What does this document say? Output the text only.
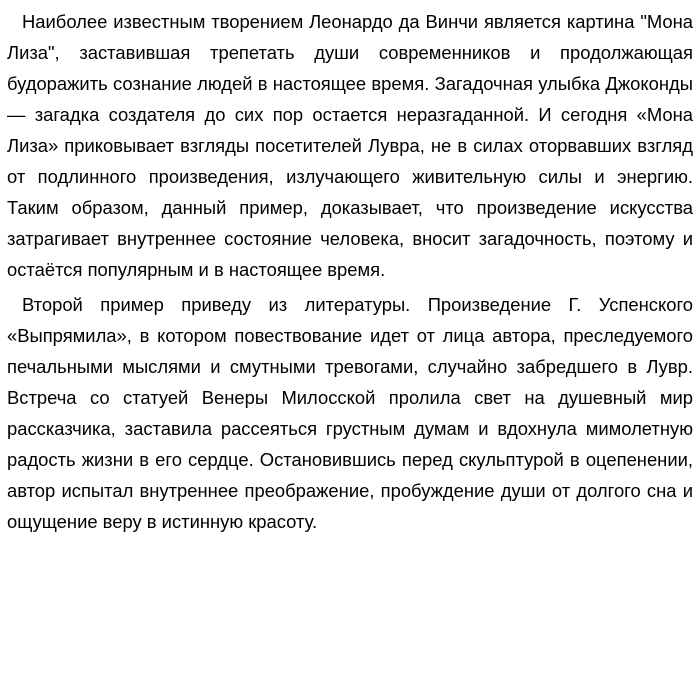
Наиболее известным творением Леонардо да Винчи является картина "Мона Лиза", заставившая трепетать души современников и продолжающая будоражить сознание людей в настоящее время. Загадочная улыбка Джоконды — загадка создателя до сих пор остается неразгаданной. И сегодня «Мона Лиза» приковывает взгляды посетителей Лувра, не в силах оторвавших взгляд от подлинного произведения, излучающего живительную силы и энергию. Таким образом, данный пример, доказывает, что произведение искусства затрагивает внутреннее состояние человека, вносит загадочность, поэтому и остаётся популярным и в настоящее время.

Второй пример приведу из литературы. Произведение Г. Успенского «Выпрямила», в котором повествование идет от лица автора, преследуемого печальными мыслями и смутными тревогами, случайно забредшего в Лувр. Встреча со статуей Венеры Милосской пролила свет на душевный мир рассказчика, заставила рассеяться грустным думам и вдохнула мимолетную радость жизни в его сердце. Остановившись перед скульптурой в оцепенении, автор испытал внутреннее преображение, пробуждение души от долгого сна и ощущение веру в истинную красоту.
